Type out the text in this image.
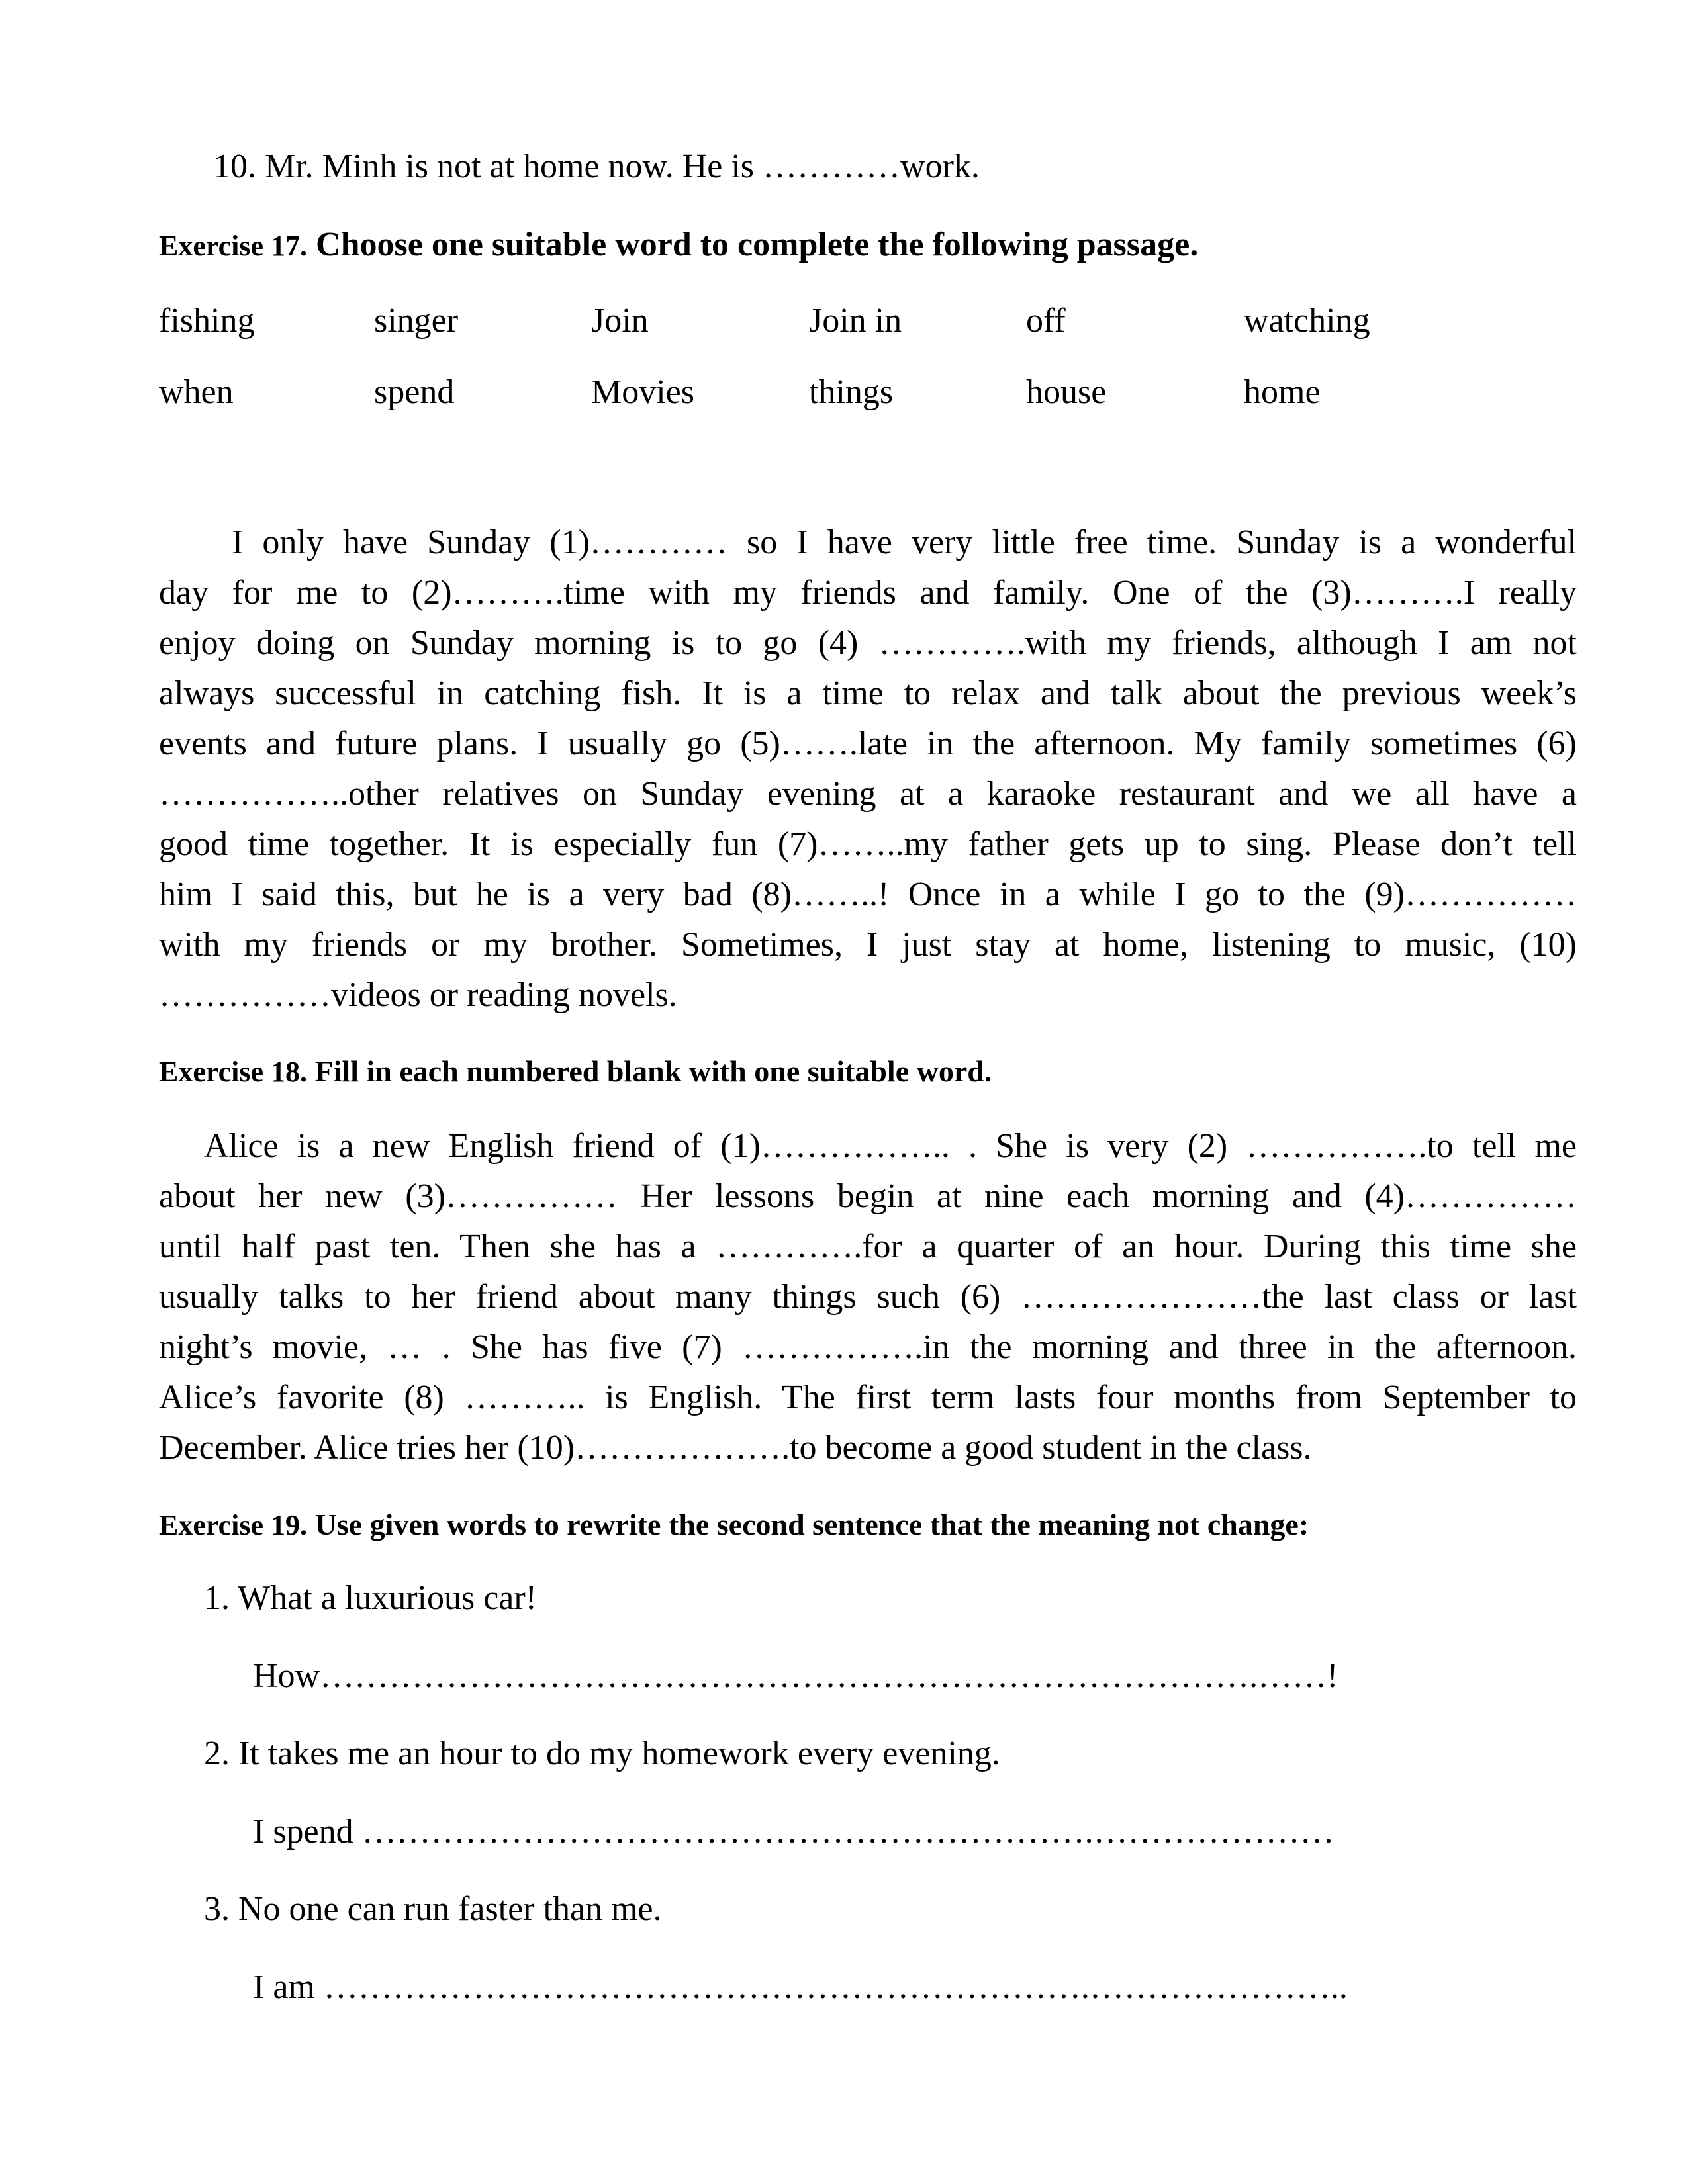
10. Mr. Minh is not at home now. He is …………work.
Exercise 17. Choose one suitable word to complete the following passage.
fishing	singer	Join	Join in	off	watching
when	spend	Movies	things	house	home
I only have Sunday (1)………… so I have very little free time. Sunday is a wonderful
day for me to (2)……….time with my friends and family. One of the (3)……….I really
enjoy doing on Sunday morning is to go (4) ………….with my friends, although I am not
always successful in catching fish. It is a time to relax and talk about the previous week’s
events and future plans. I usually go (5)…….late in the afternoon. My family sometimes (6)
……………..other relatives on Sunday evening at a karaoke restaurant and we all have a
good time together. It is especially fun (7)……..my father gets up to sing. Please don’t tell
him I said this, but he is a very bad (8)……..! Once in a while I go to the (9)……………
with my friends or my brother. Sometimes, I just stay at home, listening to music, (10)
……………videos or reading novels.
Exercise 18. Fill in each numbered blank with one suitable word.
Alice is a new English friend of (1)…………….. . She is very (2) …………….to tell me
about her new (3)…………… Her lessons begin at nine each morning and (4)……………
until half past ten. Then she has a ………….for a quarter of an hour. During this time she
usually talks to her friend about many things such (6) …………………the last class or last
night’s movie, … . She has five (7) …………….in the morning and three in the afternoon.
Alice’s favorite (8) ……….. is English. The first term lasts four months from September to
December. Alice tries her (10)……………….to become a good student in the class.
Exercise 19. Use given words to rewrite the second sentence that the meaning not change:
1. What a luxurious car!
How……………………………………………………………………….……!
2. It takes me an hour to do my homework every evening.
I spend ……………………………………………………….…………………
3. No one can run faster than me.
I am ………………………………………………………….…………………..
